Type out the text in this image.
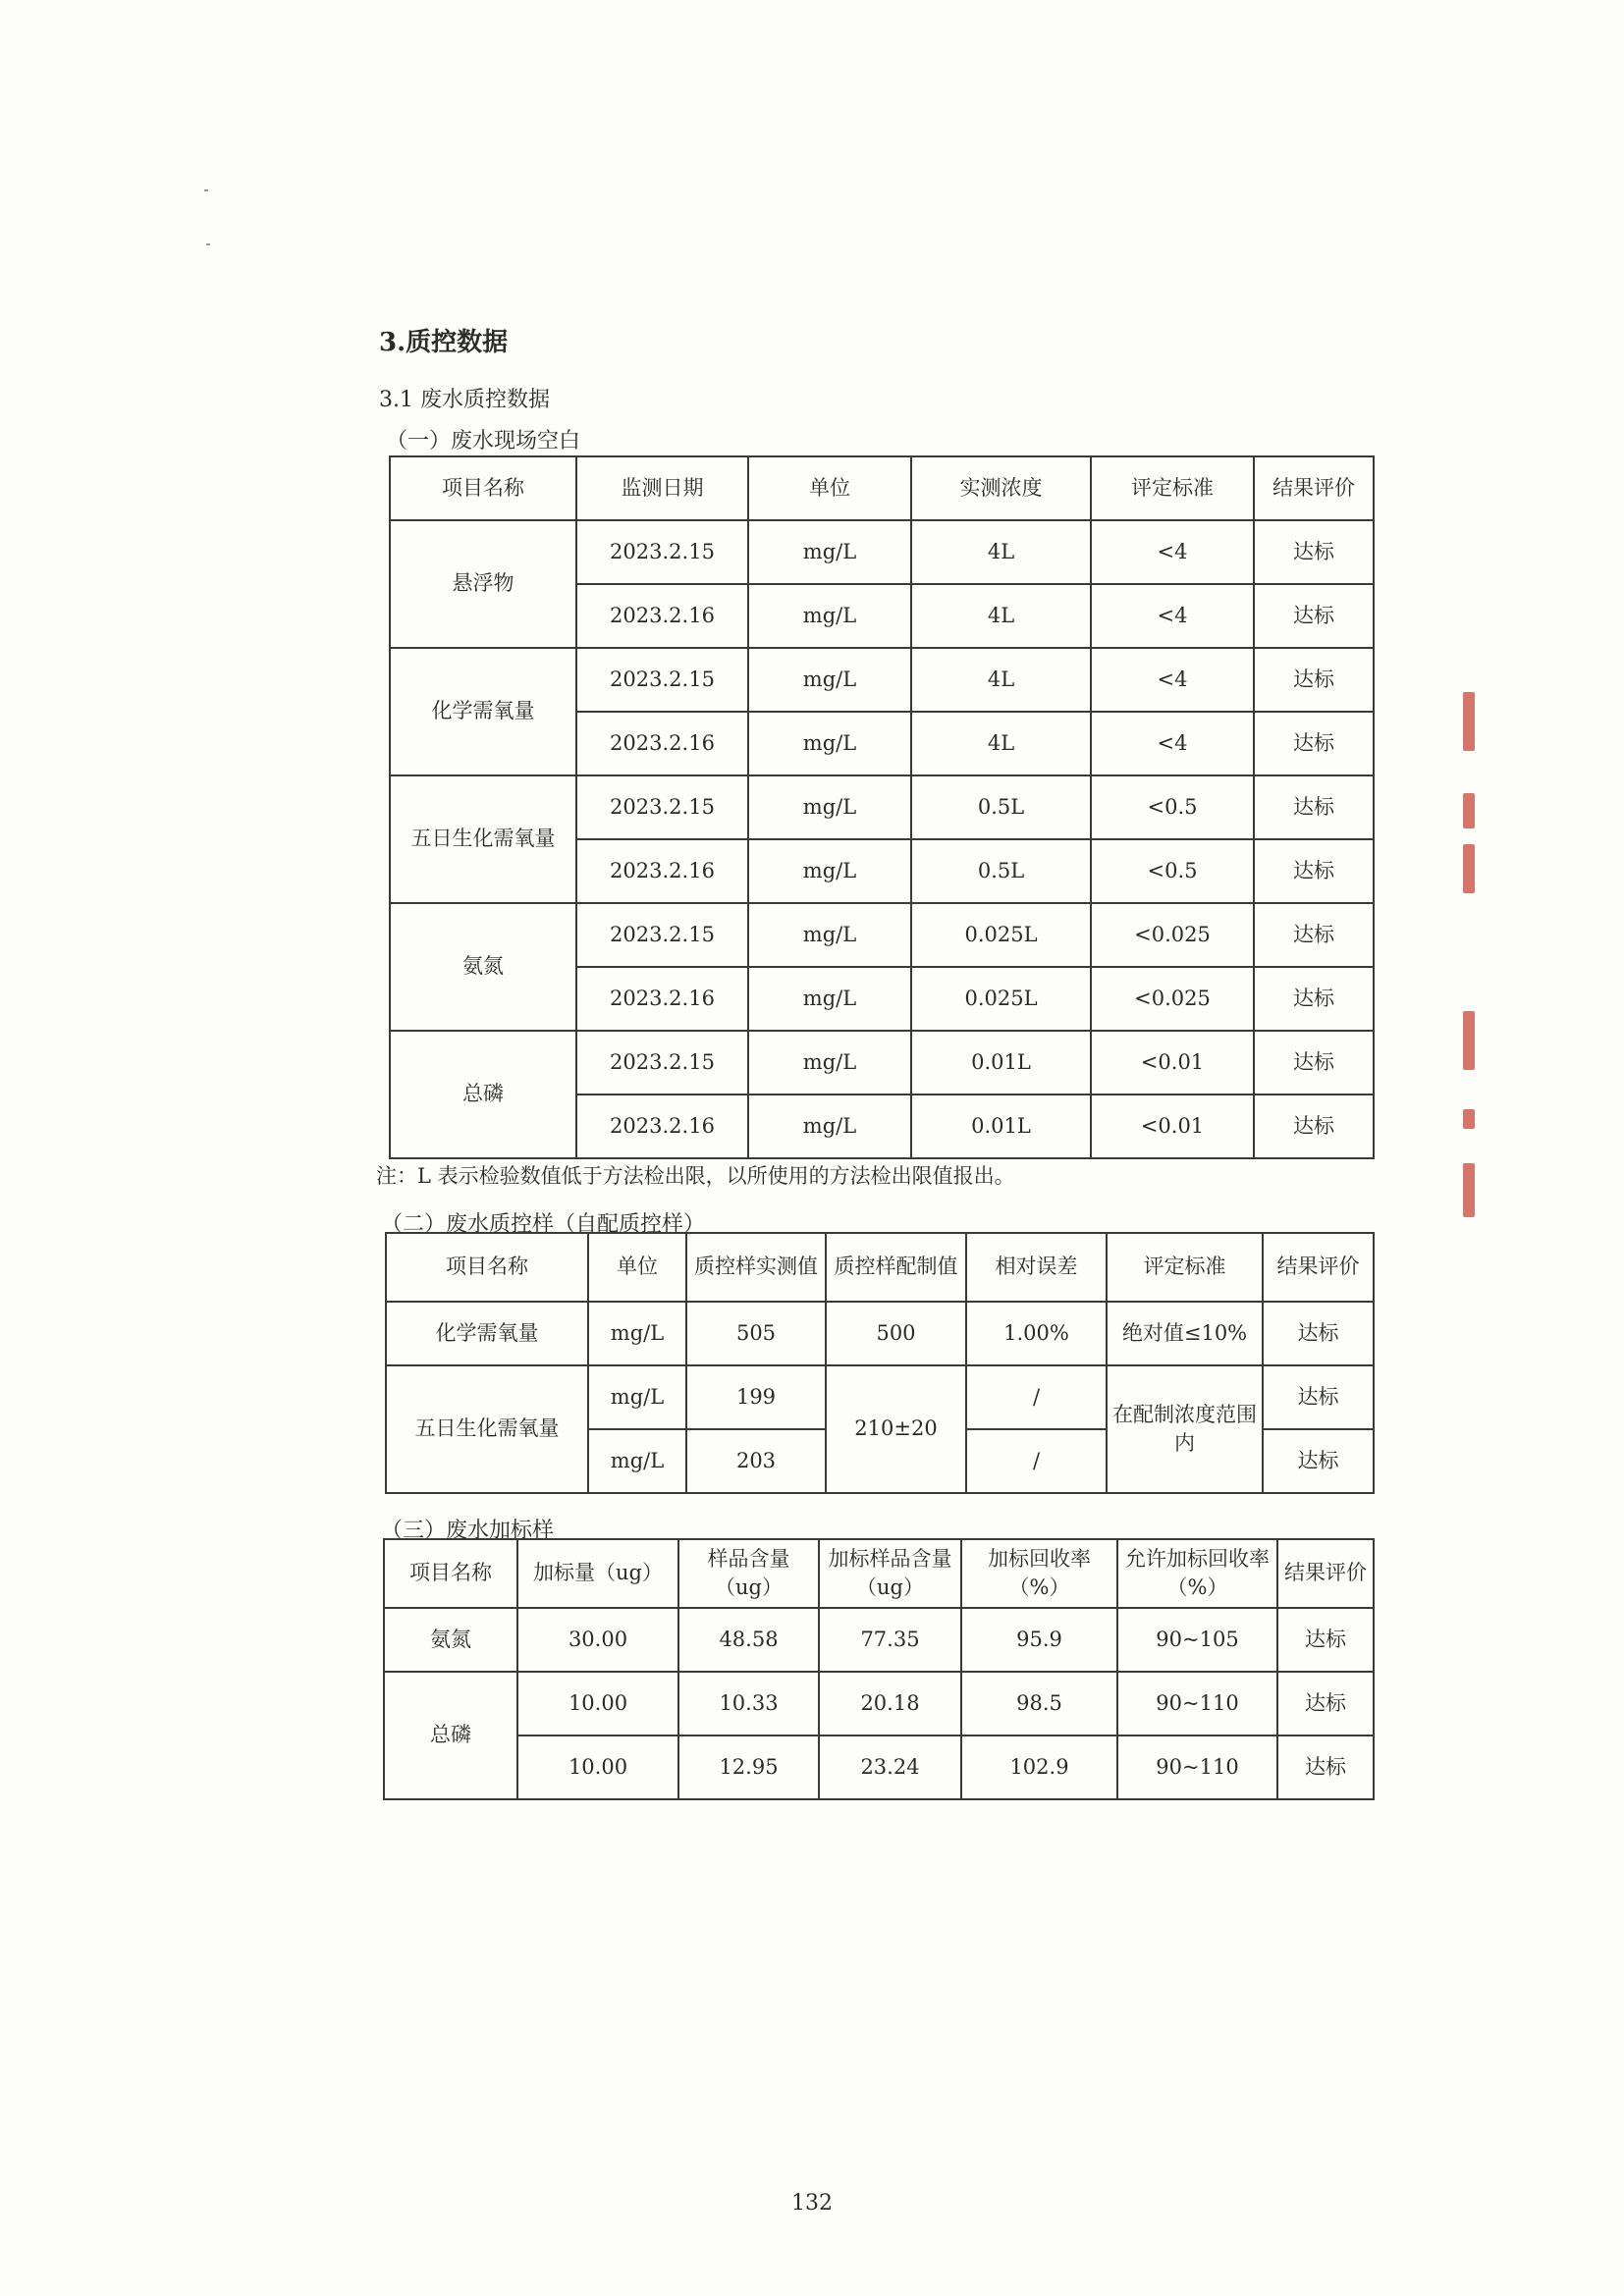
3.质控数据
3.1 废水质控数据
（一）废水现场空白
项目名称	监测日期	单位	实测浓度	评定标准	结果评价
悬浮物	2023.2.15	mg/L	4L	<4	达标
	2023.2.16	mg/L	4L	<4	达标
化学需氧量	2023.2.15	mg/L	4L	<4	达标
	2023.2.16	mg/L	4L	<4	达标
五日生化需氧量	2023.2.15	mg/L	0.5L	<0.5	达标
	2023.2.16	mg/L	0.5L	<0.5	达标
氨氮	2023.2.15	mg/L	0.025L	<0.025	达标
	2023.2.16	mg/L	0.025L	<0.025	达标
总磷	2023.2.15	mg/L	0.01L	<0.01	达标
	2023.2.16	mg/L	0.01L	<0.01	达标
注：L 表示检验数值低于方法检出限，以所使用的方法检出限值报出。
（二）废水质控样（自配质控样）
项目名称	单位	质控样实测值	质控样配制值	相对误差	评定标准	结果评价
化学需氧量	mg/L	505	500	1.00%	绝对值≤10%	达标
五日生化需氧量	mg/L	199	210±20	/	在配制浓度范围内	达标
	mg/L	203		/		达标
（三）废水加标样
项目名称	加标量（ug）	样品含量（ug）	加标样品含量（ug）	加标回收率（%）	允许加标回收率（%）	结果评价
氨氮	30.00	48.58	77.35	95.9	90~105	达标
总磷	10.00	10.33	20.18	98.5	90~110	达标
	10.00	12.95	23.24	102.9	90~110	达标
132
